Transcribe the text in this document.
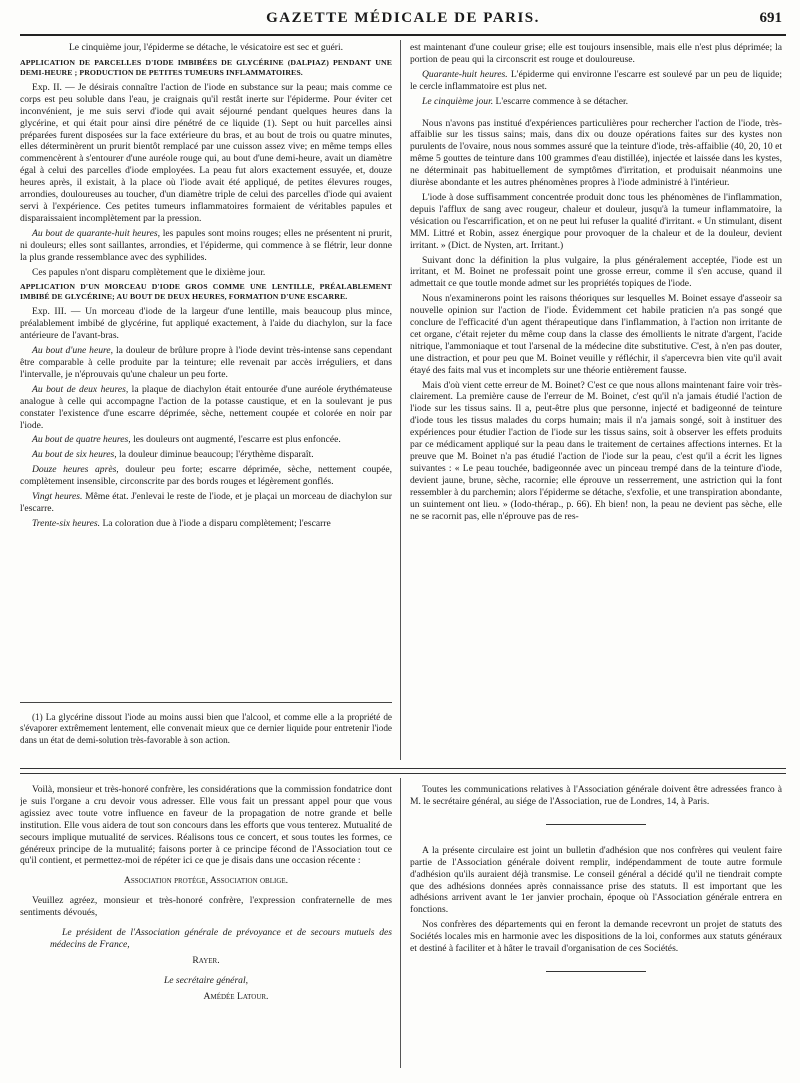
GAZETTE MÉDICALE DE PARIS.	691

Le cinquième jour, l'épiderme se détache, le vésicatoire est sec et guéri.

APPLICATION DE PARCELLES D'IODE IMBIBÉES DE GLYCÉRINE (DALPIAZ) PENDANT UNE DEMI-HEURE ; PRODUCTION DE PETITES TUMEURS INFLAMMATOIRES.

Exp. II. — Je désirais connaître l'action de l'iode en substance sur la peau; mais comme ce corps est peu soluble dans l'eau, je craignais qu'il restât inerte sur l'épiderme. Pour éviter cet inconvénient, je me suis servi d'iode qui avait séjourné pendant quelques heures dans la glycérine, et qui était pour ainsi dire pénétré de ce liquide (1). Sept ou huit parcelles ainsi préparées furent disposées sur la face extérieure du bras, et au bout de trois ou quatre minutes, elles déterminèrent un prurit bientôt remplacé par une cuisson assez vive; en même temps elles commencèrent à s'entourer d'une auréole rouge qui, au bout d'une demi-heure, avait un diamètre égal à celui des parcelles d'iode employées. La peau fut alors exactement essuyée, et, douze heures après, il existait, à la place où l'iode avait été appliqué, de petites élevures rouges, arrondies, douloureuses au toucher, d'un diamètre triple de celui des parcelles d'iode qui avaient servi à l'expérience. Ces petites tumeurs inflammatoires formaient de véritables papules et disparaissaient incomplètement par la pression.

Au bout de quarante-huit heures, les papules sont moins rouges; elles ne présentent ni prurit, ni douleurs; elles sont saillantes, arrondies, et l'épiderme, qui commence à se flétrir, leur donne la plus grande ressemblance avec des syphilides.

Ces papules n'ont disparu complètement que le dixième jour.

APPLICATION D'UN MORCEAU D'IODE GROS COMME UNE LENTILLE, PRÉALABLEMENT IMBIBÉ DE GLYCÉRINE; AU BOUT DE DEUX HEURES, FORMATION D'UNE ESCARRE.

Exp. III. — Un morceau d'iode de la largeur d'une lentille, mais beaucoup plus mince, préalablement imbibé de glycérine, fut appliqué exactement, à l'aide du diachylon, sur la face antérieure de l'avant-bras.

Au bout d'une heure, la douleur de brûlure propre à l'iode devint très-intense sans cependant être comparable à celle produite par la teinture; elle revenait par accès irréguliers, et dans l'intervalle, je n'éprouvais qu'une chaleur un peu forte.

Au bout de deux heures, la plaque de diachylon était entourée d'une auréole érythémateuse analogue à celle qui accompagne l'action de la potasse caustique, et en la soulevant je pus constater l'existence d'une escarre déprimée, sèche, nettement coupée et colorée en noir par l'iode.

Au bout de quatre heures, les douleurs ont augmenté, l'escarre est plus enfoncée.

Au bout de six heures, la douleur diminue beaucoup; l'érythème disparaît.

Douze heures après, douleur peu forte; escarre déprimée, sèche, nettement coupée, complètement insensible, circonscrite par des bords rouges et légèrement gonflés.

Vingt heures. Même état. J'enlevai le reste de l'iode, et je plaçai un morceau de diachylon sur l'escarre.

Trente-six heures. La coloration due à l'iode a disparu complètement; l'escarre

(1) La glycérine dissout l'iode au moins aussi bien que l'alcool, et comme elle a la propriété de s'évaporer extrêmement lentement, elle convenait mieux que ce dernier liquide pour entretenir l'iode dans un état de demi-solution très-favorable à son action.

est maintenant d'une couleur grise; elle est toujours insensible, mais elle n'est plus déprimée; la portion de peau qui la circonscrit est rouge et douloureuse.

Quarante-huit heures. L'épiderme qui environne l'escarre est soulevé par un peu de liquide; le cercle inflammatoire est plus net.

Le cinquième jour. L'escarre commence à se détacher.

Nous n'avons pas institué d'expériences particulières pour rechercher l'action de l'iode, très-affaiblie sur les tissus sains; mais, dans dix ou douze opérations faites sur des kystes non purulents de l'ovaire, nous nous sommes assuré que la teinture d'iode, très-affaiblie (40, 20, 10 et même 5 gouttes de teinture dans 100 grammes d'eau distillée), injectée et laissée dans les kystes, ne déterminait pas habituellement de symptômes d'irritation, et produisait néanmoins une diurèse abondante et les autres phénomènes propres à l'iode administré à l'intérieur.

L'iode à dose suffisamment concentrée produit donc tous les phénomènes de l'inflammation, depuis l'afflux de sang avec rougeur, chaleur et douleur, jusqu'à la tumeur inflammatoire, la vésication ou l'escarrification, et on ne peut lui refuser la qualité d'irritant. « Un stimulant, disent MM. Littré et Robin, assez énergique pour provoquer de la chaleur et de la douleur, devient irritant. » (Dict. de Nysten, art. Irritant.)

Suivant donc la définition la plus vulgaire, la plus généralement acceptée, l'iode est un irritant, et M. Boinet ne professait point une grosse erreur, comme il s'en accuse, quand il admettait ce que toutle monde admet sur les propriétés topiques de l'iode.

Nous n'examinerons point les raisons théoriques sur lesquelles M. Boinet essaye d'asseoir sa nouvelle opinion sur l'action de l'iode. Évidemment cet habile praticien n'a pas songé que conclure de l'efficacité d'un agent thérapeutique dans l'inflammation, à l'action non irritante de cet organe, c'était rejeter du même coup dans la classe des émollients le nitrate d'argent, l'acide nitrique, l'ammoniaque et tout l'arsenal de la médecine dite substitutive. C'est, à n'en pas douter, une distraction, et pour peu que M. Boinet veuille y réfléchir, il s'apercevra bien vite qu'il avait étayé des faits mal vus et incomplets sur une théorie entièrement fausse.

Mais d'où vient cette erreur de M. Boinet? C'est ce que nous allons maintenant faire voir très-clairement. La première cause de l'erreur de M. Boinet, c'est qu'il n'a jamais étudié l'action de l'iode sur les tissus sains. Il a, peut-être plus que personne, injecté et badigeonné de teinture d'iode tous les tissus malades du corps humain; mais il n'a jamais songé, soit à instituer des expériences pour étudier l'action de l'iode sur les tissus sains, soit à observer les effets produits par ce médicament appliqué sur la peau dans le traitement de certaines affections internes. Et la preuve que M. Boinet n'a pas étudié l'action de l'iode sur la peau, c'est qu'il a écrit les lignes suivantes : « Le peau touchée, badigeonnée avec un pinceau trempé dans de la teinture d'iode, devient jaune, brune, sèche, racornie; elle éprouve un resserrement, une astriction qui la font ressembler à du parchemin; alors l'épiderme se détache, s'exfolie, et une transpiration abondante, un suintement ont lieu. » (Iodo-thérap., p. 66). Eh bien! non, la peau ne devient pas sèche, elle ne se racornit pas, elle n'éprouve pas de res-

Voilà, monsieur et très-honoré confrère, les considérations que la commission fondatrice dont je suis l'organe a cru devoir vous adresser. Elle vous fait un pressant appel pour que vous agissiez avec toute votre influence en faveur de la propagation de notre grande et belle institution. Elle vous aidera de tout son concours dans les efforts que vous tenterez. Mutualité de secours implique mutualité de services. Réalisons tous ce concert, et sous toutes les formes, ce généreux principe de la mutualité; faisons porter à ce principe fécond de l'Association tout ce qu'il contient, et permettez-moi de répéter ici ce que je disais dans une occasion récente :

Association protége, Association oblige.

Veuillez agréez, monsieur et très-honoré confrère, l'expression confraternelle de mes sentiments dévoués,

Le président de l'Association générale de prévoyance et de secours mutuels des médecins de France,

Rayer.

Le secrétaire général,

Amédée Latour.

Toutes les communications relatives à l'Association générale doivent être adressées franco à M. le secrétaire général, au siége de l'Association, rue de Londres, 14, à Paris.

A la présente circulaire est joint un bulletin d'adhésion que nos confrères qui veulent faire partie de l'Association générale doivent remplir, indépendamment de toute autre formule d'adhésion qu'ils auraient déjà transmise. Le conseil général a décidé qu'il ne tiendrait compte que des adhésions données après connaissance prise des statuts. Il est important que les adhésions arrivent avant le 1er janvier prochain, époque où l'Association générale entrera en fonctions.

Nos confrères des départements qui en feront la demande recevront un projet de statuts des Sociétés locales mis en harmonie avec les dispositions de la loi, conformes aux statuts généraux et destiné à faciliter et à hâter le travail d'organisation de ces Sociétés.
